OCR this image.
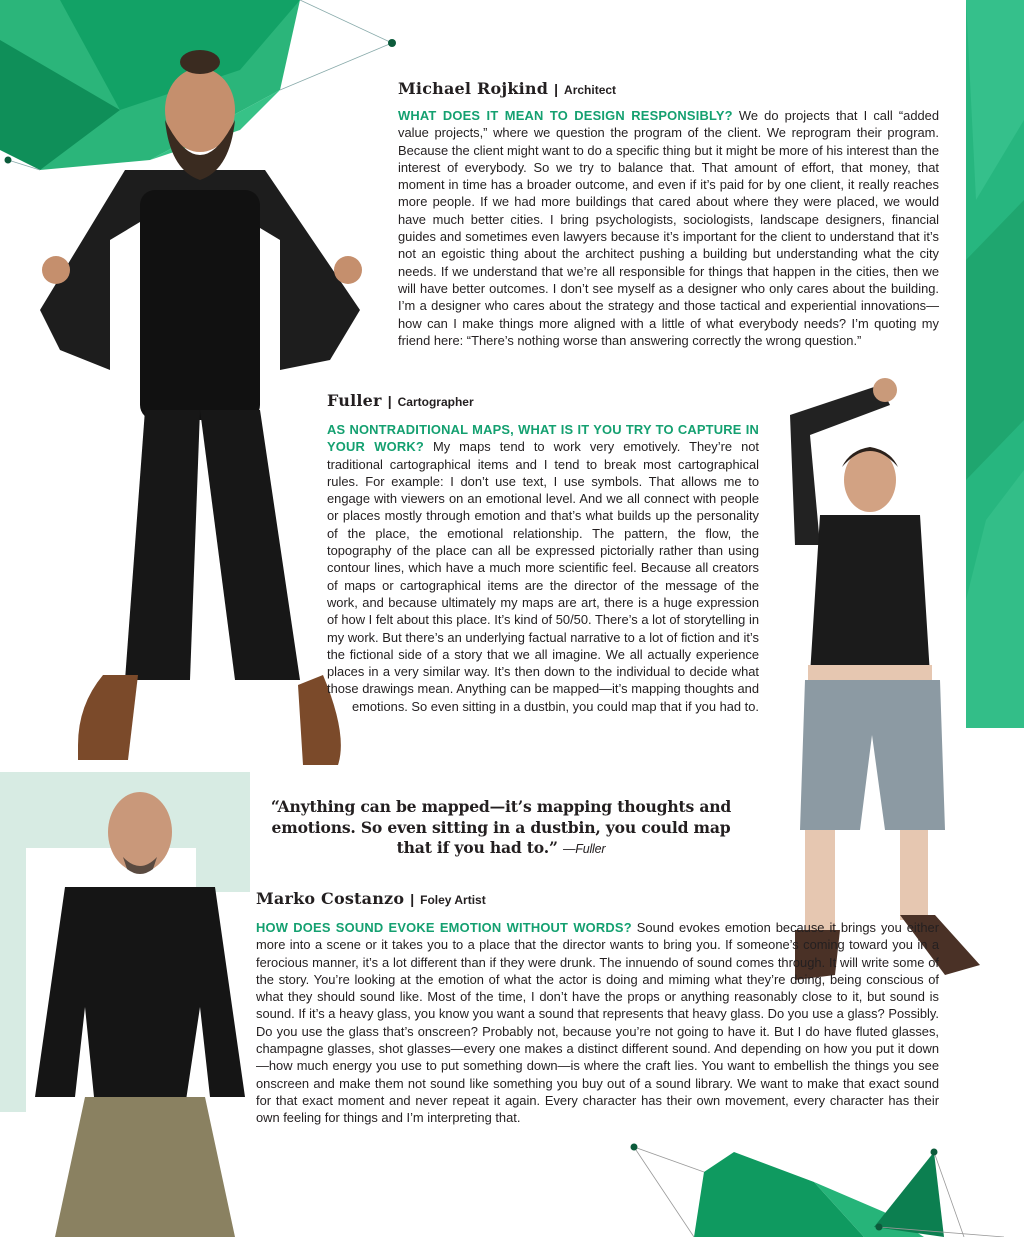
Michael Rojkind | Architect

WHAT DOES IT MEAN TO DESIGN RESPONSIBLY? We do projects that I call “added value projects,” where we question the program of the client. We reprogram their program. Because the client might want to do a specific thing but it might be more of his interest than the interest of everybody. So we try to balance that. That amount of effort, that money, that moment in time has a broader outcome, and even if it’s paid for by one client, it really reaches more people. If we had more buildings that cared about where they were placed, we would have much better cities. I bring psychologists, sociologists, landscape designers, financial guides and sometimes even lawyers because it’s important for the client to understand that it’s not an egoistic thing about the architect pushing a building but understanding what the city needs. If we understand that we’re all responsible for things that happen in the cities, then we will have better outcomes. I don’t see myself as a designer who only cares about the building. I’m a designer who cares about the strategy and those tactical and experiential innovations—how can I make things more aligned with a little of what everybody needs? I’m quoting my friend here: “There’s nothing worse than answering correctly the wrong question.”

Fuller | Cartographer

AS NONTRADITIONAL MAPS, WHAT IS IT YOU TRY TO CAPTURE IN YOUR WORK? My maps tend to work very emotively. They’re not traditional cartographical items and I tend to break most cartographical rules. For example: I don’t use text, I use symbols. That allows me to engage with viewers on an emotional level. And we all connect with people or places mostly through emotion and that’s what builds up the personality of the place, the emotional relationship. The pattern, the flow, the topography of the place can all be expressed pictorially rather than using contour lines, which have a much more scientific feel. Because all creators of maps or cartographical items are the director of the message of the work, and because ultimately my maps are art, there is a huge expression of how I felt about this place. It’s kind of 50/50. There’s a lot of storytelling in my work. But there’s an underlying factual narrative to a lot of fiction and it’s the fictional side of a story that we all imagine. We all actually experience places in a very similar way. It’s then down to the individual to decide what those drawings mean. Anything can be mapped—it’s mapping thoughts and emotions. So even sitting in a dustbin, you could map that if you had to.

“Anything can be mapped—it’s mapping thoughts and emotions. So even sitting in a dustbin, you could map that if you had to.” —Fuller
Marko Costanzo | Foley Artist

HOW DOES SOUND EVOKE EMOTION WITHOUT WORDS? Sound evokes emotion because it brings you either more into a scene or it takes you to a place that the director wants to bring you. If someone’s coming toward you in a ferocious manner, it’s a lot different than if they were drunk. The innuendo of sound comes through. It will write some of the story. You’re looking at the emotion of what the actor is doing and miming what they’re doing, being conscious of what they should sound like. Most of the time, I don’t have the props or anything reasonably close to it, but sound is sound. If it’s a heavy glass, you know you want a sound that represents that heavy glass. Do you use a glass? Possibly. Do you use the glass that’s onscreen? Probably not, because you’re not going to have it. But I do have fluted glasses, champagne glasses, shot glasses—every one makes a distinct different sound. And depending on how you put it down—how much energy you use to put something down—is where the craft lies. You want to embellish the things you see onscreen and make them not sound like something you buy out of a sound library. We want to make that exact sound for that exact moment and never repeat it again. Every character has their own movement, every character has their own feeling for things and I’m interpreting that.
